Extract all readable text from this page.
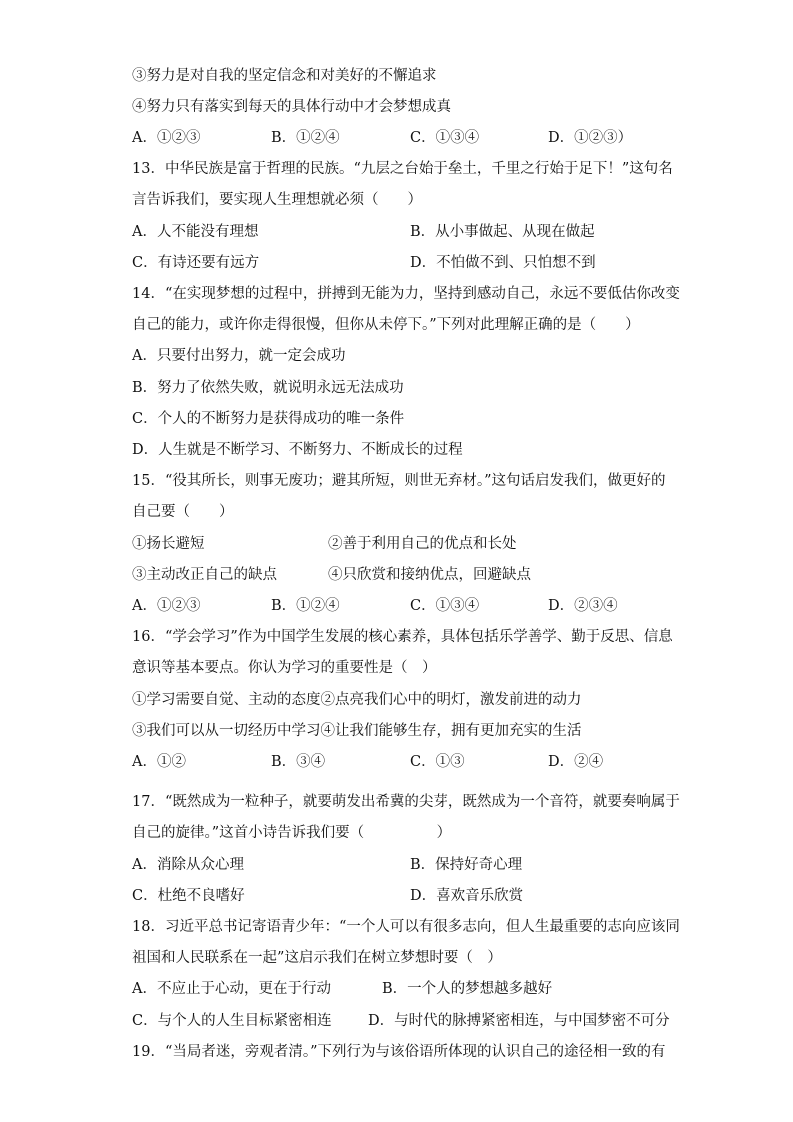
③努力是对自我的坚定信念和对美好的不懈追求
④努力只有落实到每天的具体行动中才会梦想成真
A．①②③	B．①②④	C．①③④	D．①②③）
13．中华民族是富于哲理的民族。“九层之台始于垒土，千里之行始于足下！”这句名
言告诉我们，要实现人生理想就必须（　　）
A．人不能没有理想	B．从小事做起、从现在做起
C．有诗还要有远方	D．不怕做不到、只怕想不到
14．“在实现梦想的过程中，拼搏到无能为力，坚持到感动自己，永远不要低估你改变
自己的能力，或许你走得很慢，但你从未停下。”下列对此理解正确的是（　　）
A．只要付出努力，就一定会成功
B．努力了依然失败，就说明永远无法成功
C．个人的不断努力是获得成功的唯一条件
D．人生就是不断学习、不断努力、不断成长的过程
15．“役其所长，则事无废功；避其所短，则世无弃材。”这句话启发我们，做更好的
自己要（　　）
①扬长避短	②善于利用自己的优点和长处
③主动改正自己的缺点	④只欣赏和接纳优点，回避缺点
A．①②③	B．①②④	C．①③④	D．②③④
16．“学会学习”作为中国学生发展的核心素养，具体包括乐学善学、勤于反思、信息
意识等基本要点。你认为学习的重要性是（　）
①学习需要自觉、主动的态度②点亮我们心中的明灯，激发前进的动力
③我们可以从一切经历中学习④让我们能够生存，拥有更加充实的生活
A．①②	B．③④	C．①③	D．②④
17．“既然成为一粒种子，就要萌发出希冀的尖芽，既然成为一个音符，就要奏响属于
自己的旋律。”这首小诗告诉我们要（　　　　　）
A．消除从众心理	B．保持好奇心理
C．杜绝不良嗜好	D．喜欢音乐欣赏
18．习近平总书记寄语青少年：“一个人可以有很多志向，但人生最重要的志向应该同
祖国和人民联系在一起”这启示我们在树立梦想时要（　）
A．不应止于心动，更在于行动	B．一个人的梦想越多越好
C．与个人的人生目标紧密相连	D．与时代的脉搏紧密相连，与中国梦密不可分
19．“当局者迷，旁观者清。”下列行为与该俗语所体现的认识自己的途径相一致的有
